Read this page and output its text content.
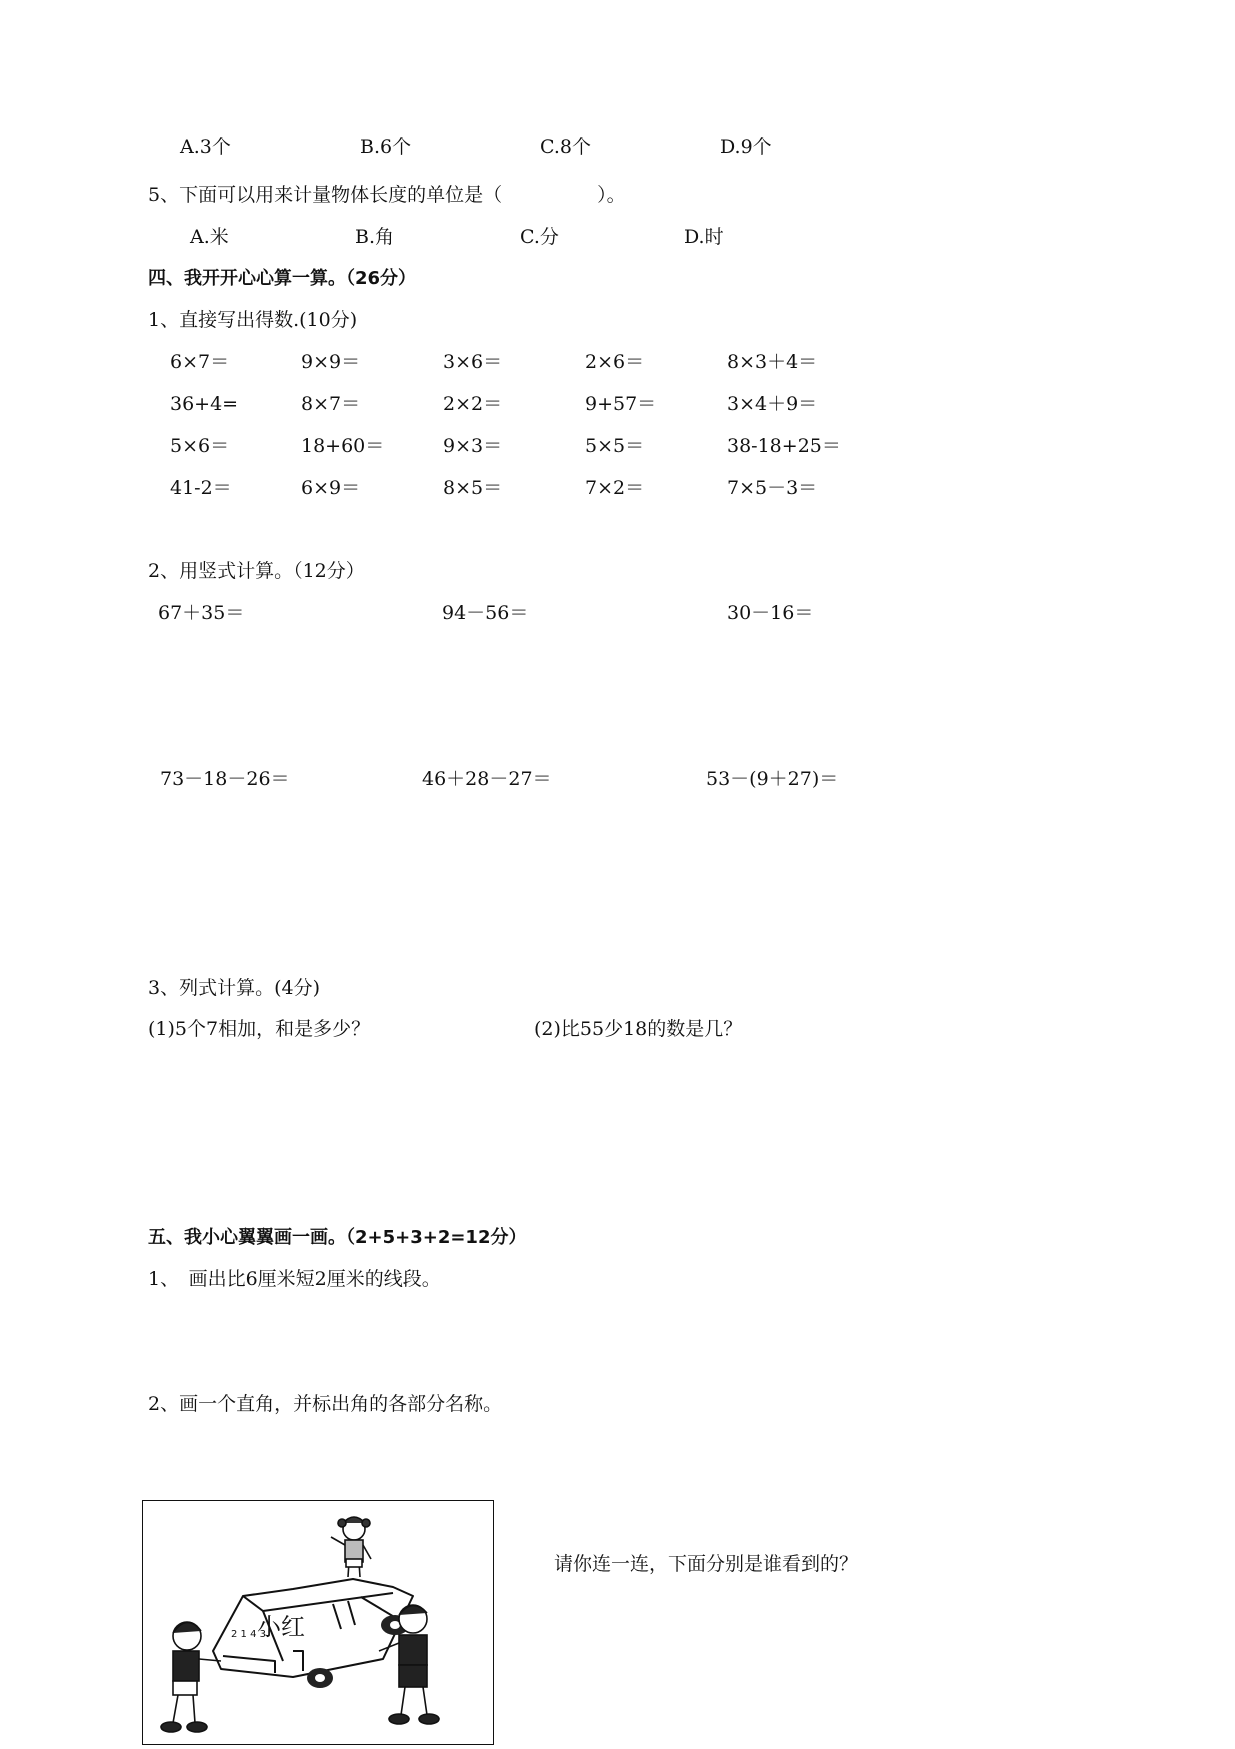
A.3个	B.6个	C.8个	D.9个
5、下面可以用来计量物体长度的单位是（　　　　　）。
A.米	B.角	C.分	D.时
四、我开开心心算一算。（26分）
1、直接写出得数.(10分)
6×7＝	9×9＝	3×6＝	2×6＝	8×3＋4＝
36+4=	8×7＝	2×2＝	9+57＝	3×4＋9＝
5×6＝	18+60＝	9×3＝	5×5＝	38-18+25＝
41-2＝	6×9＝	8×5＝	7×2＝	7×5－3＝
2、用竖式计算。（12分）
67＋35＝	94－56＝	30－16＝
73－18－26＝	46＋28－27＝	53－(9＋27)＝
3、列式计算。(4分)
(1)5个7相加，和是多少？	(2)比55少18的数是几？
五、我小心翼翼画一画。（2+5+3+2=12分）
1、　画出比6厘米短2厘米的线段。
2、画一个直角，并标出角的各部分名称。
2 1 4 3
小红
请你连一连，下面分别是谁看到的？
